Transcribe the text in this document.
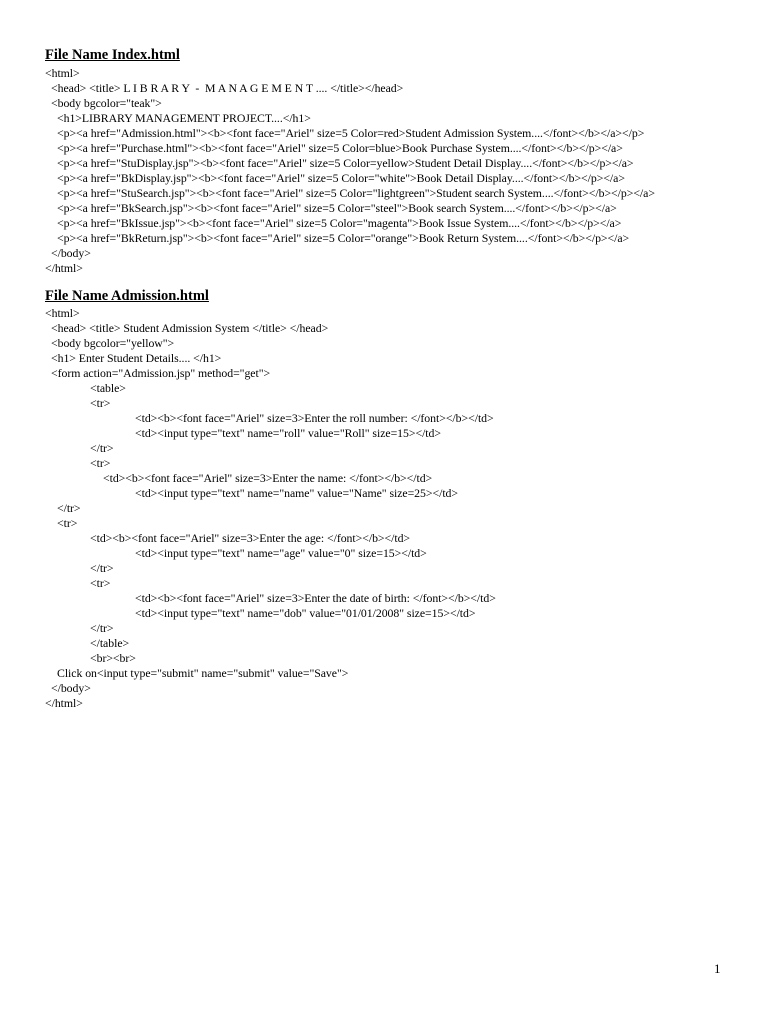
File Name Index.html
File Name Admission.html
<html>
<head> <title> L I B R A R Y  -  M A N A G E M E N T .... </title></head>
<body bgcolor="teak">
<h1>LIBRARY MANAGEMENT PROJECT....</h1>
<p><a href="Admission.html"><b><font face="Ariel" size=5 Color=red>Student Admission System....</font></b></a></p>
<p><a href="Purchase.html"><b><font face="Ariel" size=5 Color=blue>Book Purchase System....</font></b></p></a>
<p><a href="StuDisplay.jsp"><b><font face="Ariel" size=5 Color=yellow>Student Detail Display....</font></b></p></a>
<p><a href="BkDisplay.jsp"><b><font face="Ariel" size=5 Color="white">Book Detail Display....</font></b></p></a>
<p><a href="StuSearch.jsp"><b><font face="Ariel" size=5 Color="lightgreen">Student search System....</font></b></p></a>
<p><a href="BkSearch.jsp"><b><font face="Ariel" size=5 Color="steel">Book search System....</font></b></p></a>
<p><a href="BkIssue.jsp"><b><font face="Ariel" size=5 Color="magenta">Book Issue System....</font></b></p></a>
<p><a href="BkReturn.jsp"><b><font face="Ariel" size=5 Color="orange">Book Return System....</font></b></p></a>
</body>
</html>
<html>
<head> <title> Student Admission System </title> </head>
<body bgcolor="yellow">
<h1> Enter Student Details.... </h1>
<form action="Admission.jsp" method="get">
<table>
<tr>
<td><b><font face="Ariel" size=3>Enter the roll number: </font></b></td>
<td><input type="text" name="roll" value="Roll" size=15></td>
</tr>
<tr>
<td><b><font face="Ariel" size=3>Enter the name: </font></b></td>
<td><input type="text" name="name" value="Name" size=25></td>
</tr>
<tr>
<td><b><font face="Ariel" size=3>Enter the age: </font></b></td>
<td><input type="text" name="age" value="0" size=15></td>
</tr>
<tr>
<td><b><font face="Ariel" size=3>Enter the date of birth: </font></b></td>
<td><input type="text" name="dob" value="01/01/2008" size=15></td>
</tr>
</table>
<br><br>
Click on<input type="submit" name="submit" value="Save">
</body>
</html>
1
